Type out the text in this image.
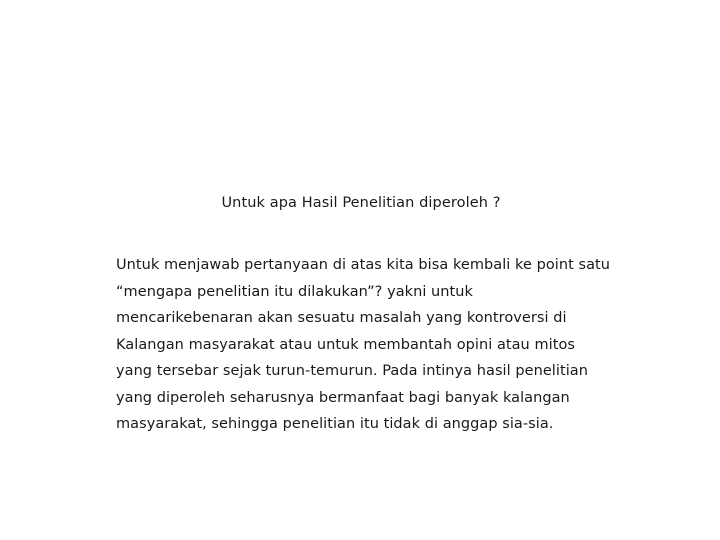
Untuk apa Hasil Penelitian diperoleh ?
Untuk menjawab pertanyaan di atas kita bisa kembali ke point satu
“mengapa penelitian itu dilakukan”? yakni untuk
mencarikebenaran akan sesuatu masalah yang kontroversi di
Kalangan masyarakat atau untuk membantah opini atau mitos
yang tersebar sejak turun-temurun. Pada intinya hasil penelitian
yang diperoleh seharusnya bermanfaat bagi banyak kalangan
masyarakat, sehingga penelitian itu tidak di anggap sia-sia.
